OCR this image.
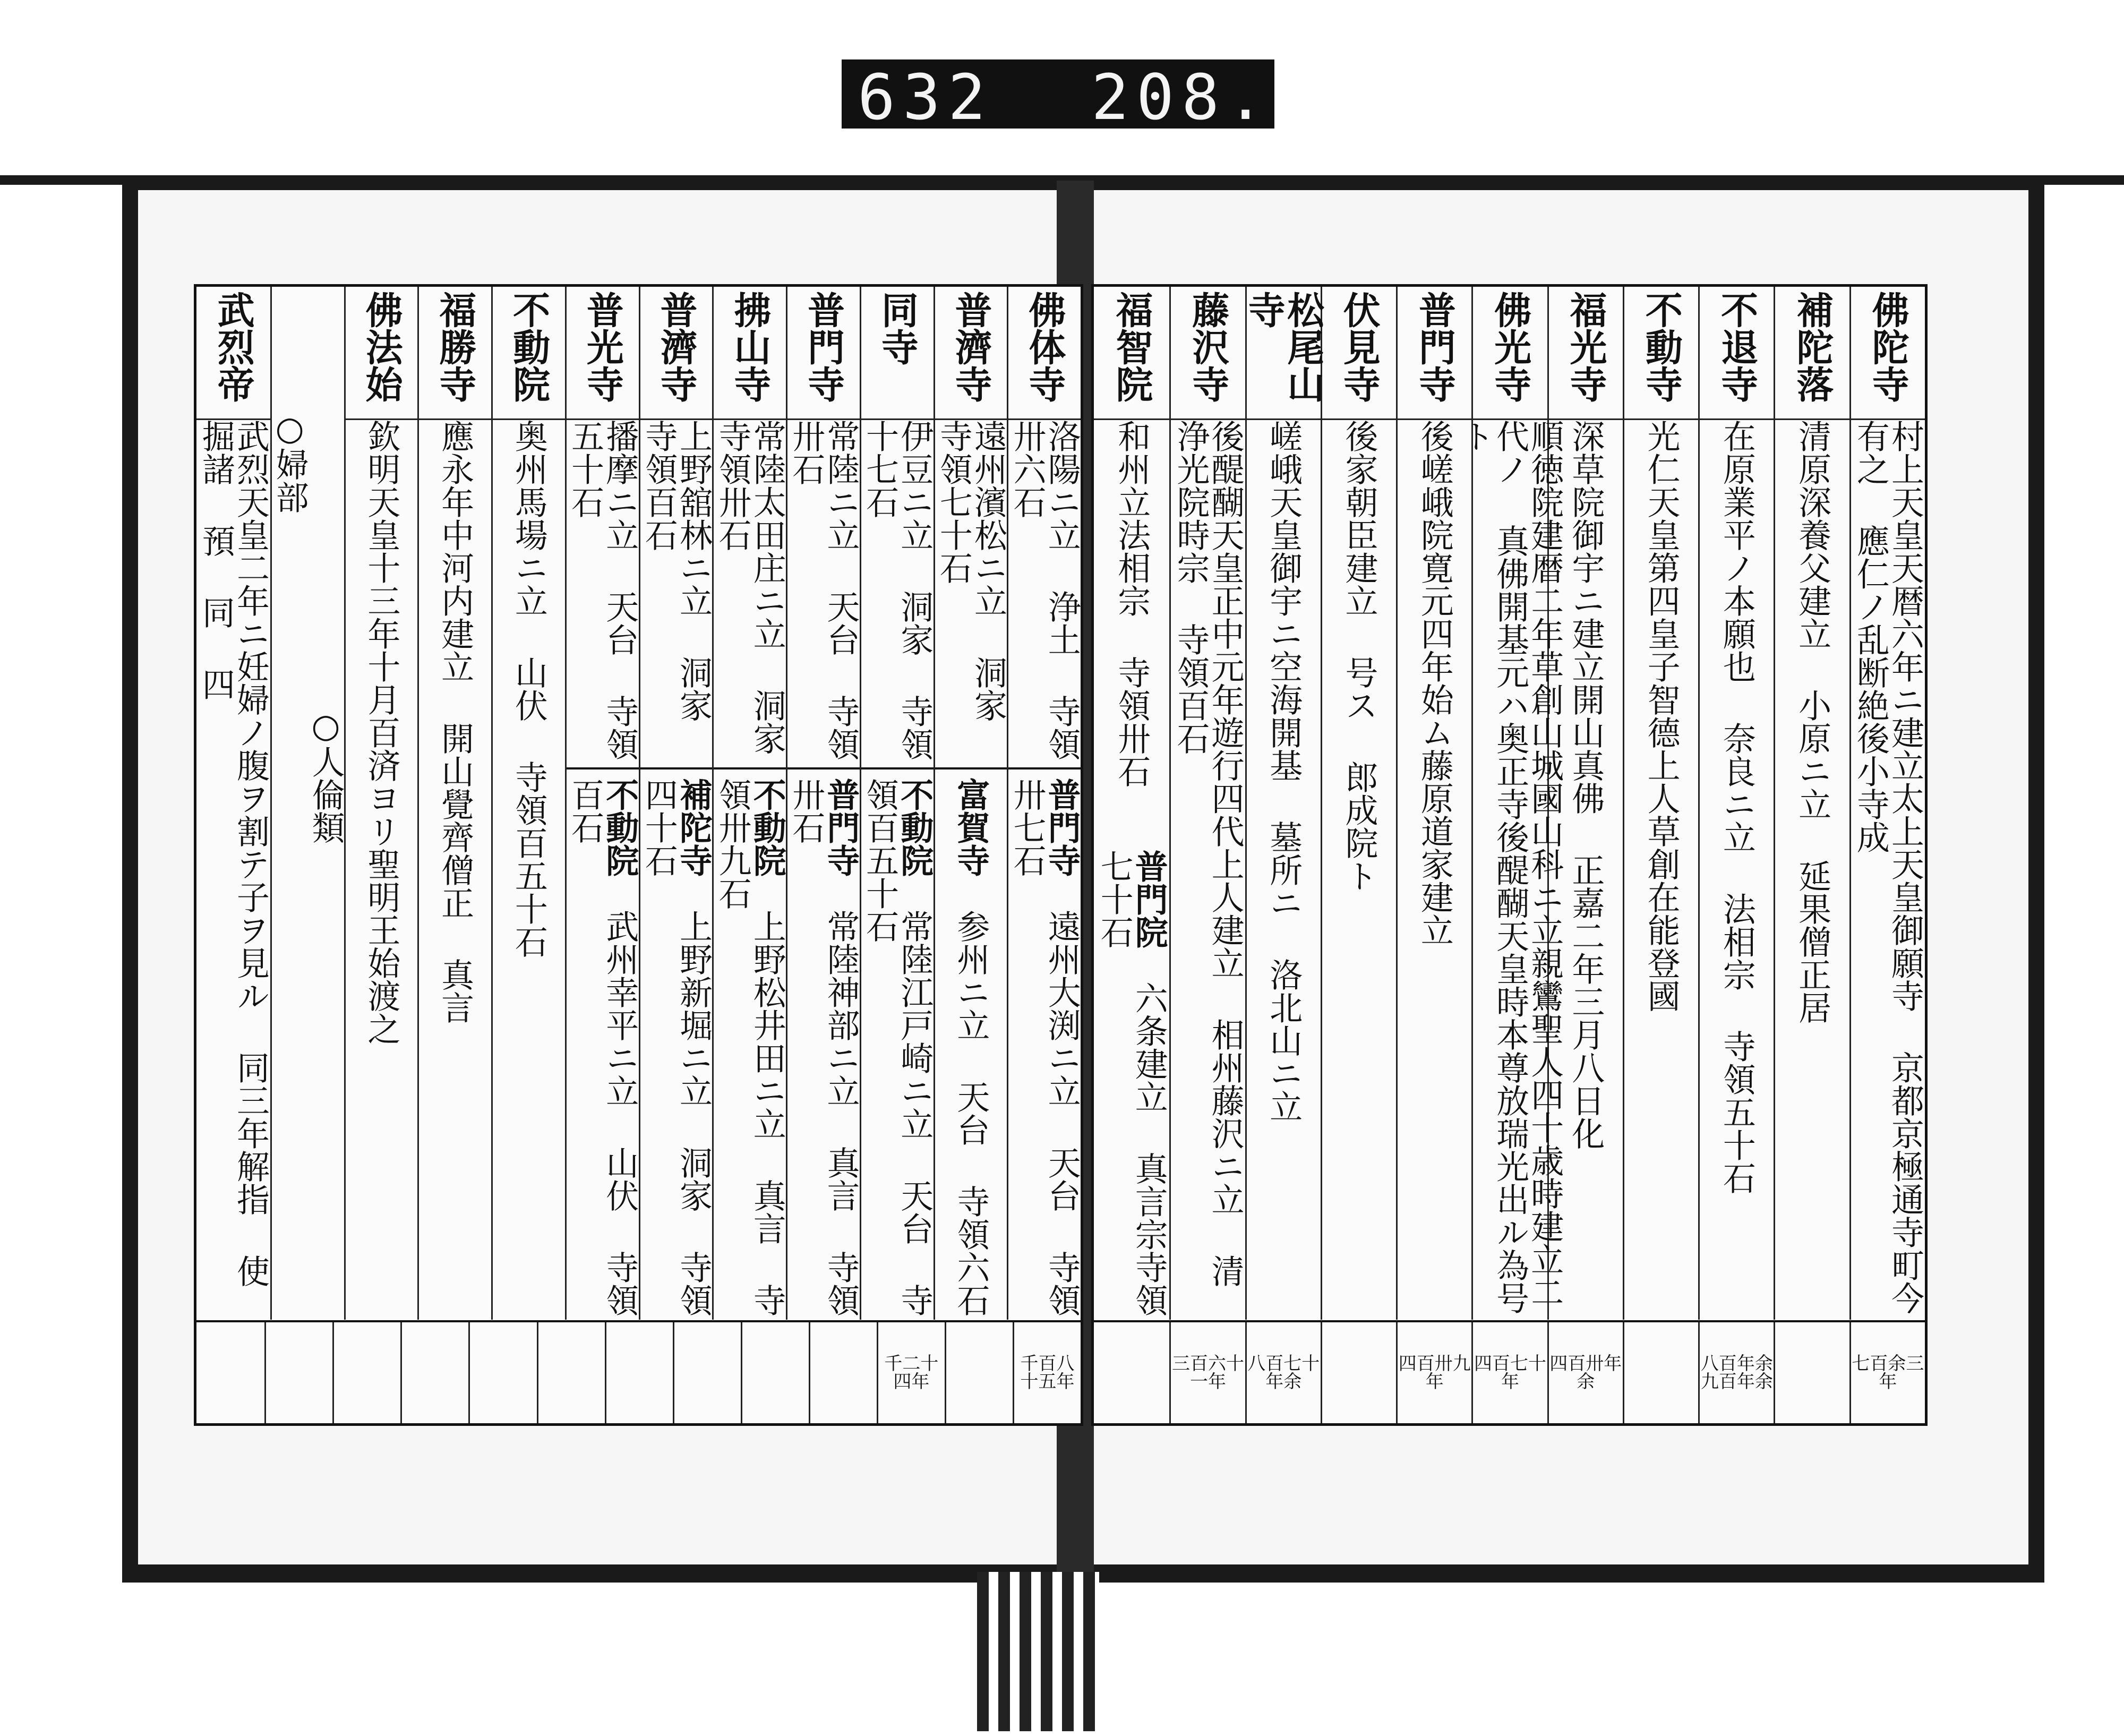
632 208.
佛陀寺
村上天皇天暦六年ニ建立太上天皇御願寺 京都京極通寺町今有之 應仁ノ乱断絶後小寺成
補陀落
清原深養父建立 小原ニ立 延果僧正居
不退寺
在原業平ノ本願也 奈良ニ立 法相宗 寺領五十石
不動寺
光仁天皇第四皇子智德上人草創在能登國
福光寺
深草院御宇ニ建立開山真佛 正嘉二年三月八日化
佛光寺
順徳院建暦二年草創山城國山科ニ立親鸞聖人四十歳時建立二代ノ 真佛開基元ハ奥正寺後醍醐天皇時本尊放瑞光出ル為号ト
普門寺
後嵯峨院寛元四年始ム藤原道家建立
伏見寺
後家朝臣建立 号ス 郎成院ト
松尾山寺
嵯峨天皇御宇ニ空海開基 墓所ニ 洛北山ニ立
藤沢寺
後醍醐天皇正中元年遊行四代上人建立 相州藤沢ニ立 清浄光院時宗 寺領百石
福智院
和州立法相宗 寺領卅石
普門院　六条建立 真言宗寺領七十石
七百余三年
八百年余 九百年余
四百卅年余
四百七十年
四百卅九年
八百七十年余
三百六十一年
佛体寺
洛陽ニ立 浄土 寺領卅六石
普門寺　遠州大渕ニ立 天台 寺領卅七石
普濟寺
遠州濱松ニ立 洞家 寺領七十石
富賀寺　参州ニ立 天台 寺領六石
同寺
伊豆ニ立 洞家 寺領十七石
不動院　常陸江戸崎ニ立 天台 寺領百五十石
普門寺
常陸ニ立 天台 寺領卅石
普門寺　常陸神部ニ立 真言 寺領卅石
拂山寺
常陸太田庄ニ立 洞家 寺領卅石
不動院　上野松井田ニ立 真言 寺領卅九石
普濟寺
上野舘林ニ立 洞家 寺領百石
補陀寺　上野新堀ニ立 洞家 寺領四十石
普光寺
播摩ニ立 天台 寺領五十石
不動院　武州幸平ニ立 山伏 寺領百石
不動院
奥州馬場ニ立 山伏 寺領百五十石
福勝寺
應永年中河内建立 開山覺齊僧正 真言
佛法始
欽明天皇十三年十月百済ヨリ聖明王始渡之
○婦部
○人倫類
武烈帝
武烈天皇二年ニ妊婦ノ腹ヲ割テ子ヲ見ル 同三年解指 使掘諸 預 同 四
千百八十五年
千二十四年
